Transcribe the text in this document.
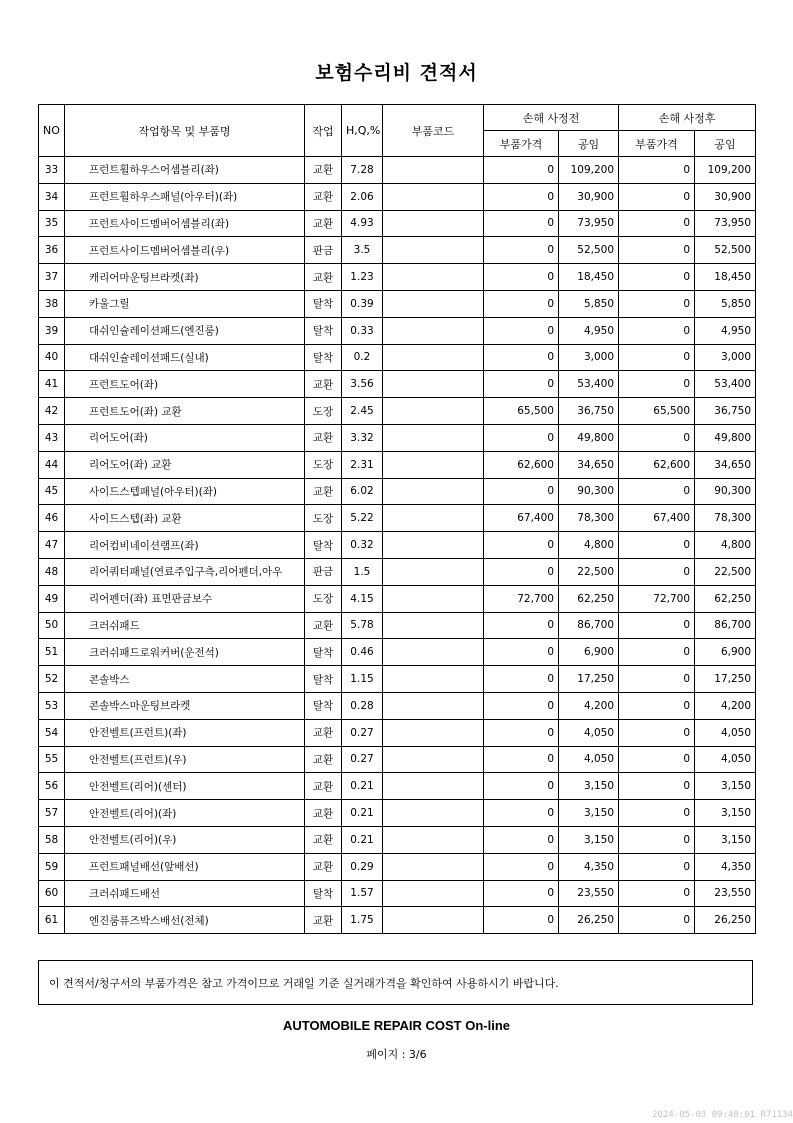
보험수리비 견적서
NO	작업항목 및 부품명	작업	H,Q,%	부품코드	손해 사정전		손해 사정후	
					부품가격	공임	부품가격	공임
33	프런트휠하우스어셈블리(좌)	교환	7.28		0	109,200	0	109,200
34	프런트휠하우스패널(아우터)(좌)	교환	2.06		0	30,900	0	30,900
35	프런트사이드멤버어셈블리(좌)	교환	4.93		0	73,950	0	73,950
36	프런트사이드멤버어셈블리(우)	판금	3.5		0	52,500	0	52,500
37	캐리어마운팅브라켓(좌)	교환	1.23		0	18,450	0	18,450
38	카울그릴	탈착	0.39		0	5,850	0	5,850
39	대쉬인슐레이션패드(엔진룸)	탈착	0.33		0	4,950	0	4,950
40	대쉬인슐레이션패드(실내)	탈착	0.2		0	3,000	0	3,000
41	프런트도어(좌)	교환	3.56		0	53,400	0	53,400
42	프런트도어(좌) 교환	도장	2.45		65,500	36,750	65,500	36,750
43	리어도어(좌)	교환	3.32		0	49,800	0	49,800
44	리어도어(좌) 교환	도장	2.31		62,600	34,650	62,600	34,650
45	사이드스텝패널(아우터)(좌)	교환	6.02		0	90,300	0	90,300
46	사이드스텝(좌) 교환	도장	5.22		67,400	78,300	67,400	78,300
47	리어컴비네이션램프(좌)	탈착	0.32		0	4,800	0	4,800
48	리어쿼터패널(연료주입구측,리어펜더,아우	판금	1.5		0	22,500	0	22,500
49	리어펜더(좌) 표면판금보수	도장	4.15		72,700	62,250	72,700	62,250
50	크러쉬패드	교환	5.78		0	86,700	0	86,700
51	크러쉬패드로워커버(운전석)	탈착	0.46		0	6,900	0	6,900
52	콘솔박스	탈착	1.15		0	17,250	0	17,250
53	콘솔박스마운팅브라켓	탈착	0.28		0	4,200	0	4,200
54	안전벨트(프런트)(좌)	교환	0.27		0	4,050	0	4,050
55	안전벨트(프런트)(우)	교환	0.27		0	4,050	0	4,050
56	안전벨트(리어)(센터)	교환	0.21		0	3,150	0	3,150
57	안전벨트(리어)(좌)	교환	0.21		0	3,150	0	3,150
58	안전벨트(리어)(우)	교환	0.21		0	3,150	0	3,150
59	프런트패널배선(앞배선)	교환	0.29		0	4,350	0	4,350
60	크러쉬패드배선	탈착	1.57		0	23,550	0	23,550
61	엔진룸퓨즈박스배선(전체)	교환	1.75		0	26,250	0	26,250
이 견적서/청구서의 부품가격은 참고 가격이므로 거래일 기준 실거래가격을 확인하여 사용하시기 바랍니다.
AUTOMOBILE REPAIR COST On-line
페이지 : 3/6
2024-05-03 09:40:01 R71134
